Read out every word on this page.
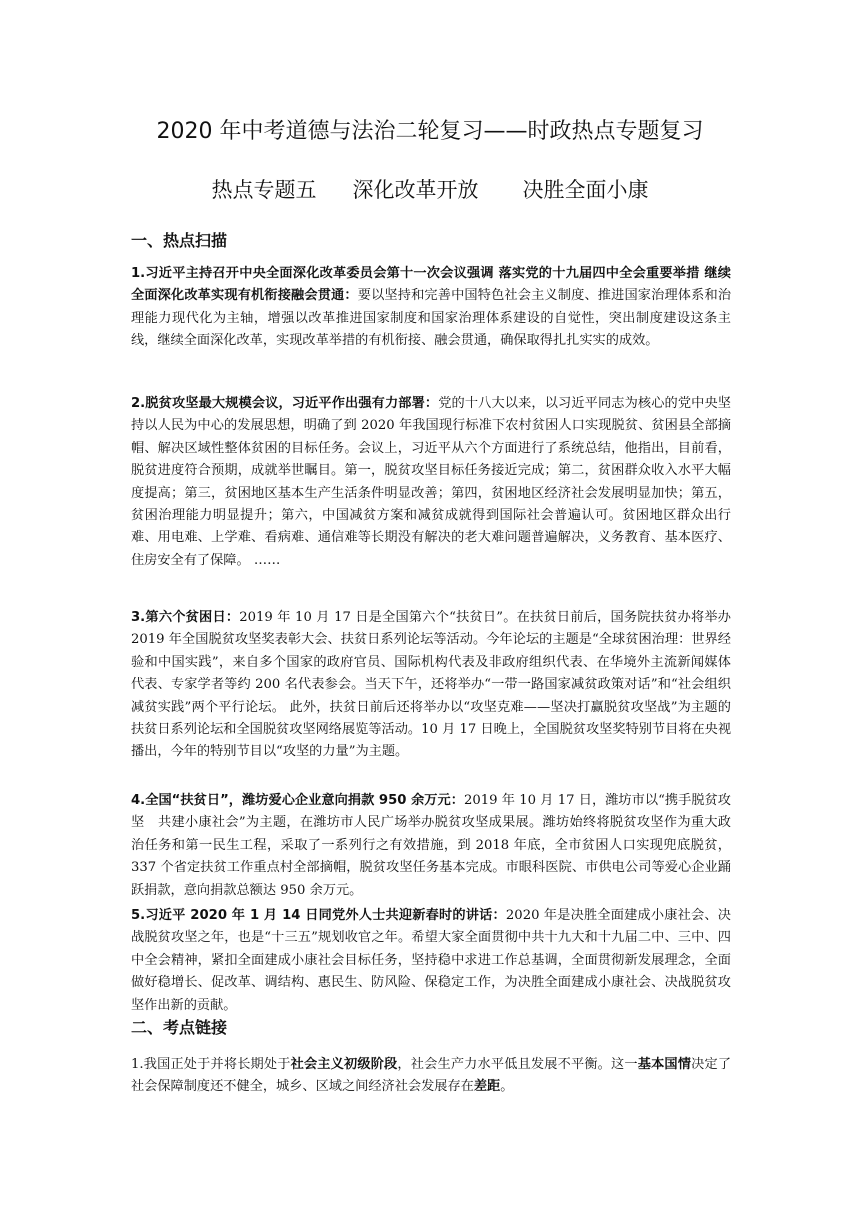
2020 年中考道德与法治二轮复习——时政热点专题复习
热点专题五 深化改革开放 决胜全面小康
一、热点扫描
1.习近平主持召开中央全面深化改革委员会第十一次会议强调 落实党的十九届四中全会重要举措 继续全面深化改革实现有机衔接融会贯通：要以坚持和完善中国特色社会主义制度、推进国家治理体系和治理能力现代化为主轴，增强以改革推进国家制度和国家治理体系建设的自觉性，突出制度建设这条主线，继续全面深化改革，实现改革举措的有机衔接、融会贯通，确保取得扎扎实实的成效。
2.脱贫攻坚最大规模会议，习近平作出强有力部署：党的十八大以来，以习近平同志为核心的党中央坚持以人民为中心的发展思想，明确了到 2020 年我国现行标准下农村贫困人口实现脱贫、贫困县全部摘帽、解决区域性整体贫困的目标任务。会议上，习近平从六个方面进行了系统总结，他指出，目前看，脱贫进度符合预期，成就举世瞩目。第一，脱贫攻坚目标任务接近完成；第二，贫困群众收入水平大幅度提高；第三，贫困地区基本生产生活条件明显改善；第四，贫困地区经济社会发展明显加快；第五，贫困治理能力明显提升；第六，中国减贫方案和减贫成就得到国际社会普遍认可。贫困地区群众出行难、用电难、上学难、看病难、通信难等长期没有解决的老大难问题普遍解决，义务教育、基本医疗、住房安全有了保障。 ……
3.第六个贫困日：2019 年 10 月 17 日是全国第六个“扶贫日”。在扶贫日前后，国务院扶贫办将举办 2019 年全国脱贫攻坚奖表彰大会、扶贫日系列论坛等活动。今年论坛的主题是“全球贫困治理：世界经验和中国实践”，来自多个国家的政府官员、国际机构代表及非政府组织代表、在华境外主流新闻媒体代表、专家学者等约 200 名代表参会。当天下午，还将举办“一带一路国家减贫政策对话”和“社会组织减贫实践”两个平行论坛。 此外，扶贫日前后还将举办以“攻坚克难——坚决打赢脱贫攻坚战”为主题的扶贫日系列论坛和全国脱贫攻坚网络展览等活动。10 月 17 日晚上，全国脱贫攻坚奖特别节目将在央视播出，今年的特别节目以“攻坚的力量”为主题。
4.全国“扶贫日”，潍坊爱心企业意向捐款 950 余万元：2019 年 10 月 17 日，潍坊市以“携手脱贫攻坚　共建小康社会”为主题，在潍坊市人民广场举办脱贫攻坚成果展。潍坊始终将脱贫攻坚作为重大政治任务和第一民生工程，采取了一系列行之有效措施，到 2018 年底，全市贫困人口实现兜底脱贫，337 个省定扶贫工作重点村全部摘帽，脱贫攻坚任务基本完成。市眼科医院、市供电公司等爱心企业踊跃捐款，意向捐款总额达 950 余万元。
5.习近平 2020 年 1 月 14 日同党外人士共迎新春时的讲话：2020 年是决胜全面建成小康社会、决战脱贫攻坚之年，也是“十三五”规划收官之年。希望大家全面贯彻中共十九大和十九届二中、三中、四中全会精神，紧扣全面建成小康社会目标任务，坚持稳中求进工作总基调，全面贯彻新发展理念，全面做好稳增长、促改革、调结构、惠民生、防风险、保稳定工作，为决胜全面建成小康社会、决战脱贫攻坚作出新的贡献。
二、考点链接
1.我国正处于并将长期处于社会主义初级阶段，社会生产力水平低且发展不平衡。这一基本国情决定了社会保障制度还不健全，城乡、区域之间经济社会发展存在差距。
